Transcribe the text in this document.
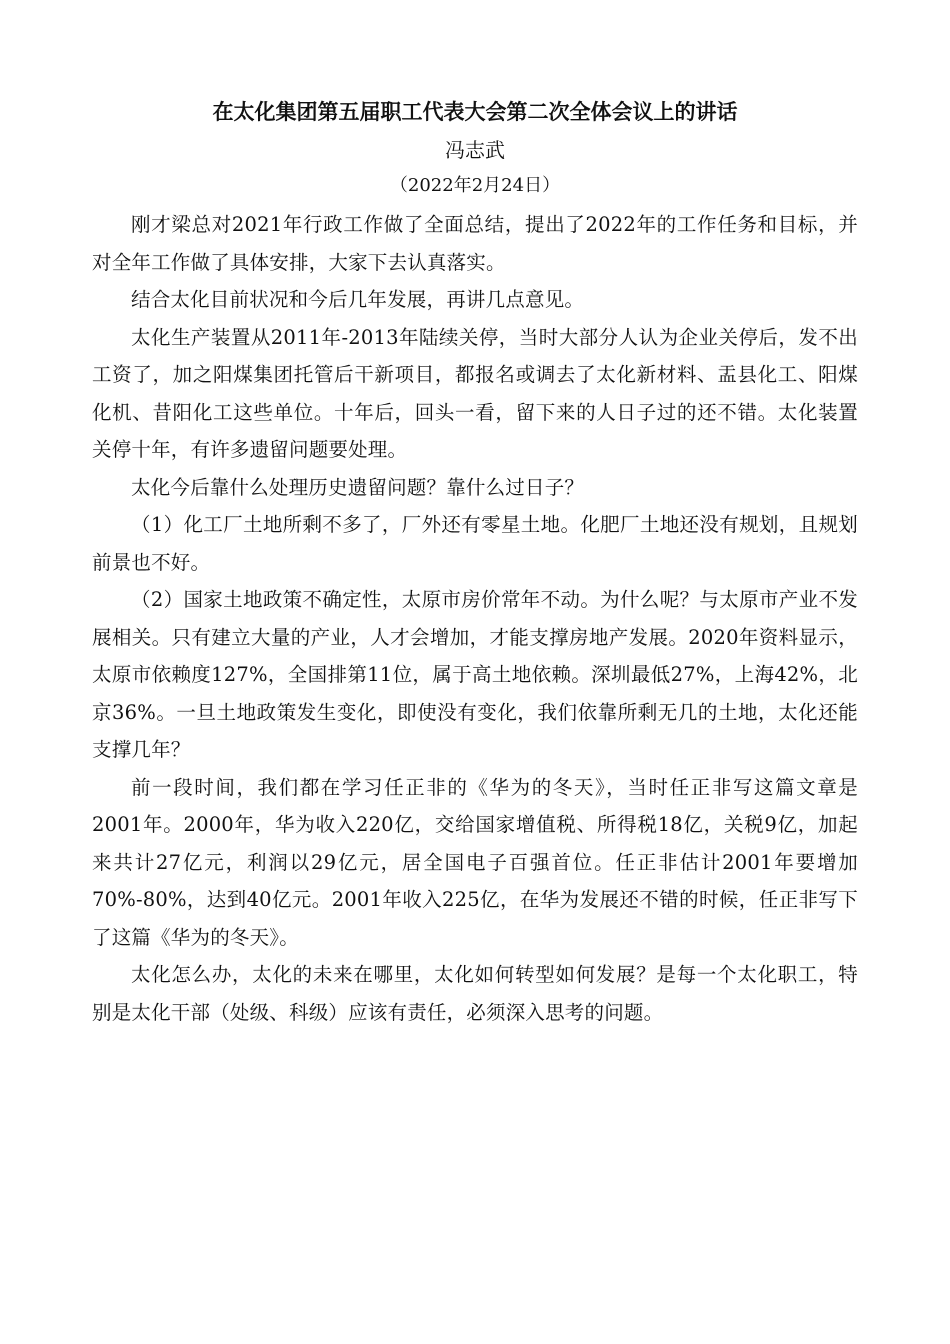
在太化集团第五届职工代表大会第二次全体会议上的讲话

冯志武

（2022年2月24日）

刚才梁总对2021年行政工作做了全面总结，提出了2022年的工作任务和目标，并对全年工作做了具体安排，大家下去认真落实。

结合太化目前状况和今后几年发展，再讲几点意见。

太化生产装置从2011年-2013年陆续关停，当时大部分人认为企业关停后，发不出工资了，加之阳煤集团托管后干新项目，都报名或调去了太化新材料、盂县化工、阳煤化机、昔阳化工这些单位。十年后，回头一看，留下来的人日子过的还不错。太化装置关停十年，有许多遗留问题要处理。

太化今后靠什么处理历史遗留问题？靠什么过日子？

（1）化工厂土地所剩不多了，厂外还有零星土地。化肥厂土地还没有规划，且规划前景也不好。

（2）国家土地政策不确定性，太原市房价常年不动。为什么呢？与太原市产业不发展相关。只有建立大量的产业，人才会增加，才能支撑房地产发展。2020年资料显示，太原市依赖度127%，全国排第11位，属于高土地依赖。深圳最低27%，上海42%，北京36%。一旦土地政策发生变化，即使没有变化，我们依靠所剩无几的土地，太化还能支撑几年？

前一段时间，我们都在学习任正非的《华为的冬天》，当时任正非写这篇文章是2001年。2000年，华为收入220亿，交给国家增值税、所得税18亿，关税9亿，加起来共计27亿元，利润以29亿元，居全国电子百强首位。任正非估计2001年要增加70%-80%，达到40亿元。2001年收入225亿，在华为发展还不错的时候，任正非写下了这篇《华为的冬天》。

太化怎么办，太化的未来在哪里，太化如何转型如何发展？是每一个太化职工，特别是太化干部（处级、科级）应该有责任，必须深入思考的问题。
